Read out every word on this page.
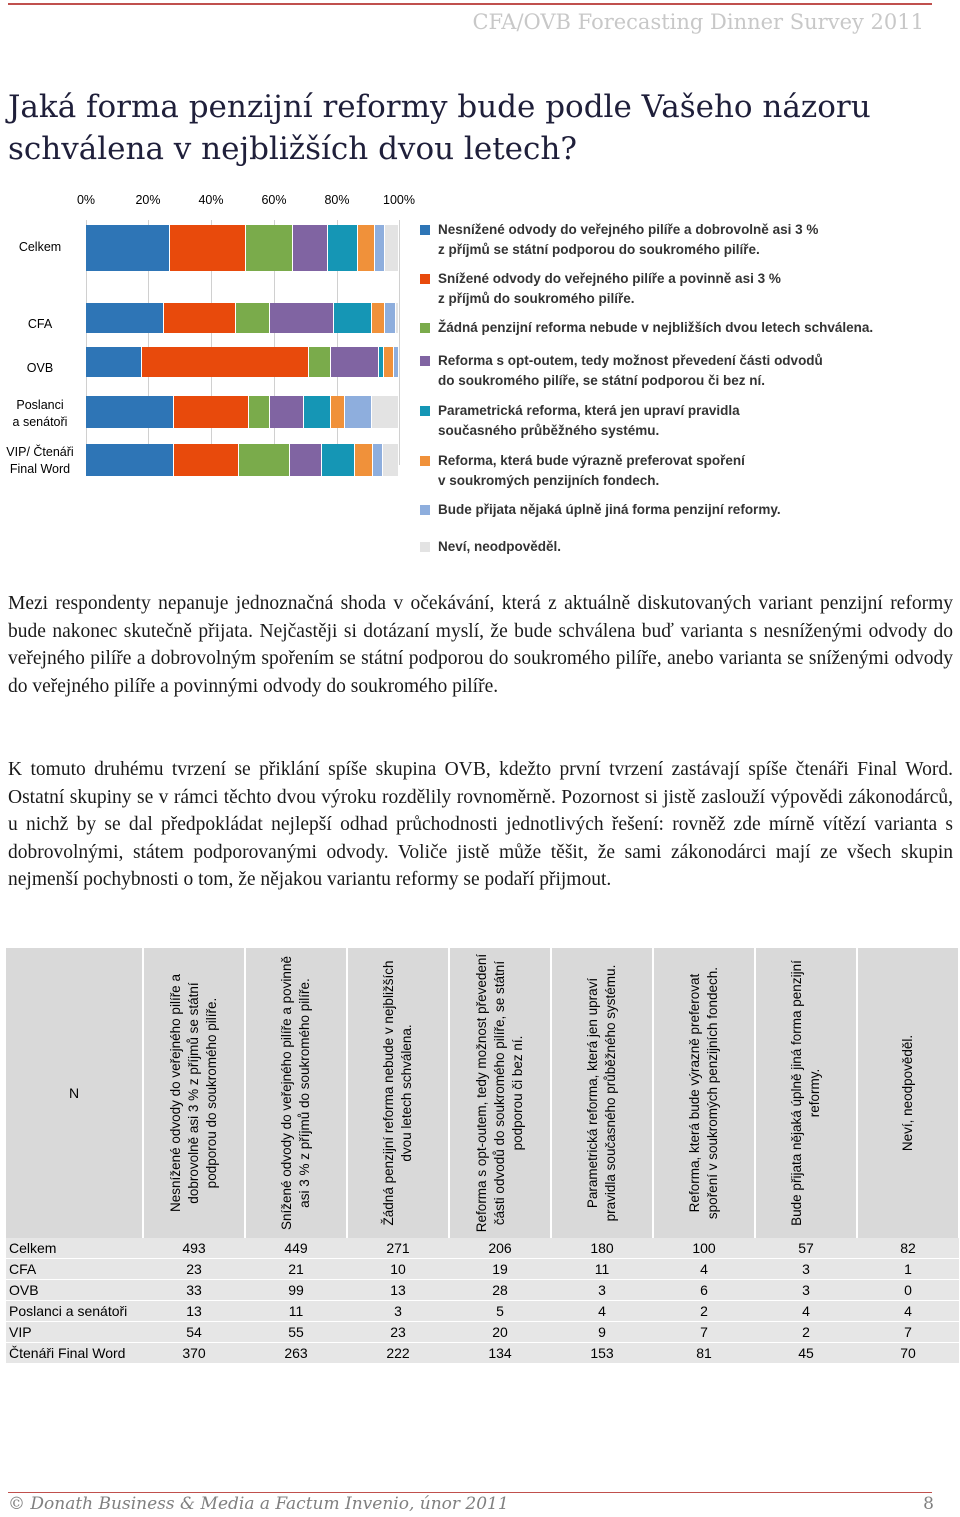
CFA/OVB Forecasting Dinner Survey 2011
Jaká forma penzijní reformy bude podle Vašeho názoru schválena v nejbližších dvou letech?
0%	20%	40%	60%	80%	100%
Celkem
CFA
OVB
Poslanci
a senátoři
VIP/ Čtenáři
Final Word
Nesnížené odvody do veřejného pilíře a dobrovolně asi 3 %
z příjmů se státní podporou do soukromého pilíře.
Snížené odvody do veřejného pilíře a povinně asi 3 %
z příjmů do soukromého pilíře.
Žádná penzijní reforma nebude v nejbližších dvou letech schválena.
Reforma s opt-outem, tedy možnost převedení části odvodů
do soukromého pilíře, se státní podporou či bez ní.
Parametrická reforma, která jen upraví pravidla
současného průběžného systému.
Reforma, která bude výrazně preferovat spoření
v soukromých penzijních fondech.
Bude přijata nějaká úplně jiná forma penzijní reformy.
Neví, neodpověděl.
Mezi respondenty nepanuje jednoznačná shoda v očekávání, která z aktuálně diskutovaných variant penzijní reformy bude nakonec skutečně přijata. Nejčastěji si dotázaní myslí, že bude schválena buď varianta s nesníženými odvody do veřejného pilíře a dobrovolným spořením se státní podporou do soukromého pilíře, anebo varianta se sníženými odvody do veřejného pilíře a povinnými odvody do soukromého pilíře.
K tomuto druhému tvrzení se přiklání spíše skupina OVB, kdežto první tvrzení zastávají spíše čtenáři Final Word. Ostatní skupiny se v rámci těchto dvou výroku rozdělily rovnoměrně. Pozornost si jistě zaslouží výpovědi zákonodárců, u nichž by se dal předpokládat nejlepší odhad průchodnosti jednotlivých řešení: rovněž zde mírně vítězí varianta s dobrovolnými, státem podporovanými odvody. Voliče jistě může těšit, že sami zákonodárci mají ze všech skupin nejmenší pochybnosti o tom, že nějakou variantu reformy se podaří přijmout.
N	Nesnížené odvody do veřejného pilíře a dobrovolně asi 3 % z příjmů se státní podporou do soukromého pilíře.	Snížené odvody do veřejného pilíře a povinně asi 3 % z příjmů do soukromého pilíře.	Žádná penzijní reforma nebude v nejbližších dvou letech schválena.	Reforma s opt-outem, tedy možnost převedení části odvodů do soukromého pilíře, se státní podporou či bez ní.	Parametrická reforma, která jen upraví pravidla současného průběžného systému.	Reforma, která bude výrazně preferovat spoření v soukromých penzijních fondech.	Bude přijata nějaká úplně jiná forma penzijní reformy.	Neví, neodpověděl.

Celkem	493	449	271	206	180	100	57	82
CFA	23	21	10	19	11	4	3	1
OVB	33	99	13	28	3	6	3	0
Poslanci a senátoři	13	11	3	5	4	2	4	4
VIP	54	55	23	20	9	7	2	7
Čtenáři Final Word	370	263	222	134	153	81	45	70
© Donath Business & Media a Factum Invenio, únor 2011	8
